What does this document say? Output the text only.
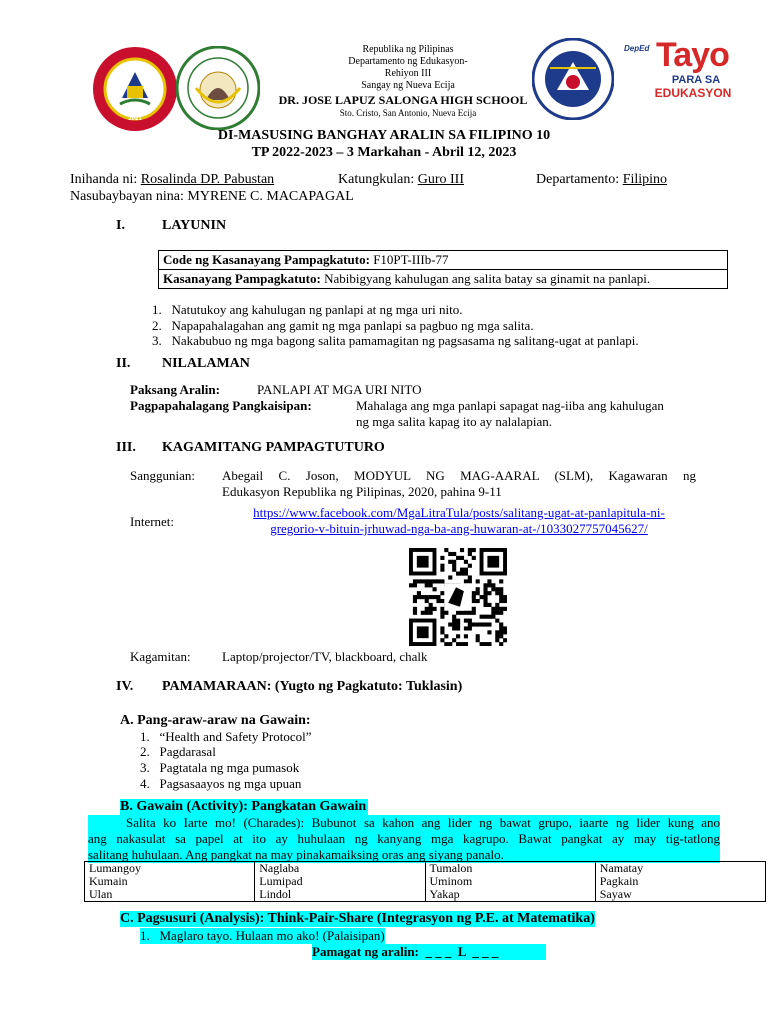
2021
Republika ng Pilipinas
Departamento ng Edukasyon-
Rehiyon III
Sangay ng Nueva Ecija
DR. JOSE LAPUZ SALONGA HIGH SCHOOL
Sto. Cristo, San Antonio, Nueva Ecija
DepEd Tayo
PARA SA
EDUKASYON
DI-MASUSING BANGHAY ARALIN SA FILIPINO 10
TP 2022-2023 – 3 Markahan - Abril 12, 2023
Inihanda ni: Rosalinda DP. Pabustan	Katungkulan: Guro III	Departamento: Filipino
Nasubaybayan nina: MYRENE C. MACAPAGAL
I.	LAYUNIN
Code ng Kasanayang Pampagkatuto: F10PT-IIIb-77
Kasanayang Pampagkatuto: Nabibigyang kahulugan ang salita batay sa ginamit na panlapi.
1.   Natutukoy ang kahulugan ng panlapi at ng mga uri nito.
2.   Napapahalagahan ang gamit ng mga panlapi sa pagbuo ng mga salita.
3.   Nakabubuo ng mga bagong salita pamamagitan ng pagsasama ng salitang-ugat at panlapi.
II. NILALAMAN
Paksang Aralin:	PANLAPI AT MGA URI NITO
Pagpapahalagang Pangkaisipan:	Mahalaga ang mga panlapi sapagat nag-iiba ang kahulugan
ng mga salita kapag ito ay nalalapian.
III. KAGAMITANG PAMPAGTUTURO
Sanggunian: Abegail C. Joson, MODYUL NG MAG-AARAL (SLM), Kagawaran ng
Edukasyon Republika ng Pilipinas, 2020, pahina 9-11
Internet:
https://www.facebook.com/MgaLitraTula/posts/salitang-ugat-at-panlapitula-ni-
gregorio-v-bituin-jrhuwad-nga-ba-ang-huwaran-at-/1033027757045627/
Kagamitan: Laptop/projector/TV, blackboard, chalk
IV. PAMAMARAAN: (Yugto ng Pagkatuto: Tuklasin)
A. Pang-araw-araw na Gawain:
1.   “Health and Safety Protocol”
2.   Pagdarasal
3.   Pagtatala ng mga pumasok
4.   Pagsasaayos ng mga upuan
B. Gawain (Activity): Pangkatan Gawain
Salita ko Iarte mo! (Charades): Bubunot sa kahon ang lider ng bawat grupo, iaarte ng lider kung ano
ang nakasulat sa papel at ito ay huhulaan ng kanyang mga kagrupo. Bawat pangkat ay may tig-tatlong
salitang huhulaan. Ang pangkat na may pinakamaiksing oras ang siyang panalo.
Lumangoy
Kumain
Ulan

Naglaba
Lumipad
Lindol

Tumalon
Uminom
Yakap

Namatay
Pagkain
Sayaw
C. Pagsusuri (Analysis): Think-Pair-Share (Integrasyon ng P.E. at Matematika)
1.   Maglaro tayo. Hulaan mo ako! (Palaisipan)
Pamagat ng aralin:  _ _ _  L  _ _ _
